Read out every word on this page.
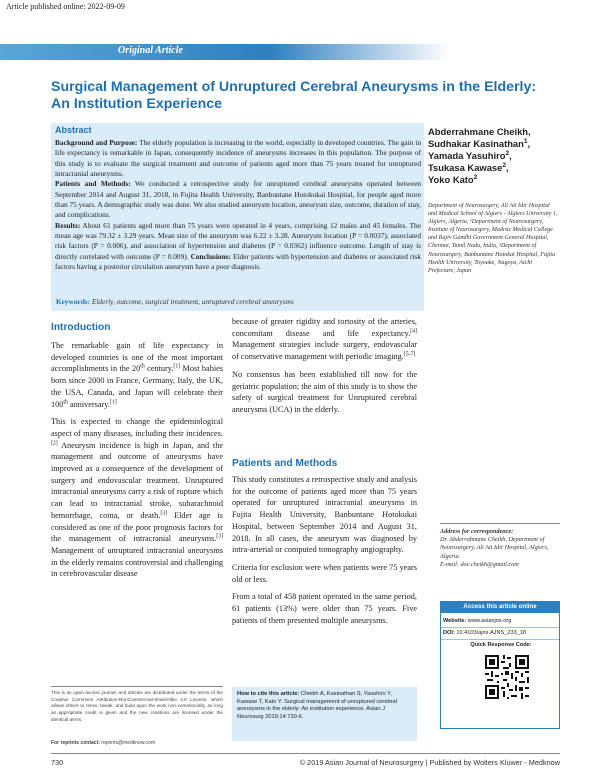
Article published online: 2022-09-09
Original Article
Surgical Management of Unruptured Cerebral Aneurysms in the Elderly: An Institution Experience
Abstract
Background and Purpose: The elderly population is increasing in the world, especially in developed countries. The gain in life expectancy is remarkable in Japan, consequently incidence of aneurysms increases in this population. The purpose of this study is to evaluate the surgical treatment and outcome of patients aged more than 75 years treated for unruptured intracranial aneurysms.
Patients and Methods: We conducted a retrospective study for unruptured cerebral aneurysms operated between September 2014 and August 31, 2018, in Fujita Health University, Banbuntane Hotokukai Hospital, for people aged more than 75 years. A demographic study was done. We also studied aneurysm location, aneurysm size, outcome, duration of stay, and complications.
Results: About 61 patients aged more than 75 years were operated in 4 years, comprising 12 males and 45 females. The mean age was 79.32 ± 3.29 years. Mean size of the aneurysm was 6.22 ± 3.28. Aneurysm location (P = 0.0037), associated risk factors (P = 0.006), and association of hypertension and diabetes (P = 0.0362) influence outcome. Length of stay is directly correlated with outcome (P = 0.009). Conclusions: Elder patients with hypertension and diabetes or associated risk factors having a posterior circulation aneurysm have a poor diagnosis.
Keywords: Elderly, outcome, surgical treatment, unruptured cerebral aneurysms
Abderrahmane Cheikh,
Sudhakar Kasinathan$^1$,
Yamada Yasuhiro$^2$,
Tsukasa Kawase$^2$,
Yoko Kato$^2$
Department of Neurosurgery, Ali Ait Idir Hospital and Medical School of Algiers - Algiers University 1, Algiers, Algeria, ¹Department of Neurosurgery, Institute of Neurosurgery, Madras Medical College and Rajiv Gandhi Government General Hospital, Chennai, Tamil Nadu, India, ²Department of Neurosurgery, Banbuntane Hotokai Hospital, Fujita Health University, Toyoake, Nagoya, Aichi Prefecture, Japan
Introduction

The remarkable gain of life expectancy in developed countries is one of the most important accomplishments in the 20th century.[1] Most babies born since 2000 in France, Germany, Italy, the UK, the USA, Canada, and Japan will celebrate their 100th anniversary.[1]

This is expected to change the epidemiological aspect of many diseases, including their incidences.[2] Aneurysm incidence is high in Japan, and the management and outcome of aneurysms have improved as a consequence of the development of surgery and endovascular treatment. Unruptured intracranial aneurysms carry a risk of rupture which can lead to intracranial stroke, subarachnoid hemorrhage, coma, or death.[3] Elder age is considered as one of the poor prognosis factors for the management of intracranial aneurysms.[3] Management of unruptured intracranial aneurysms in the elderly remains controversial and challenging in cerebrovascular disease

because of greater rigidity and tortosity of the arteries, concomitant disease and life expectancy.[4] Management strategies include surgery, endovascular of conservative management with periodic imaging.[5-7]

No consensus has been established till now for the geriatric population; the aim of this study is to show the safety of surgical treatment for Unruptured cerebral aneurysms (UCA) in the elderly.

Patients and Methods

This study constitutes a retrospective study and analysis for the outcome of patients aged more than 75 years operated for unruptured intracranial aneurysms in Fujita Health University, Banbuntane Hotokukai Hospital, between September 2014 and August 31, 2018. In all cases, the aneurysm was diagnosed by intra-arterial or computed tomography angiography.

Criteria for exclusion were when patients were 75 years old or less.

From a total of 458 patient operated in the same period, 61 patients (13%) were older than 75 years. Five patients of them presented multiple aneurysms.

This is an open access journal, and articles are distributed under the terms of the Creative Commons Attribution-NonCommercial-ShareAlike 4.0 License, which allows others to remix, tweak, and build upon the work non-commercially, as long as appropriate credit is given and the new creations are licensed under the identical terms.
For reprints contact: reprints@medknow.com
Address for correspondence:
Dr. Abderrahmane Cheikh, Department of Neurosurgery, Ali Ait Idir Hospital, Algiers, Algeria.
E-mail: doc.cheikh@gmail.com
Access this article online
Website: www.asianjns.org
DOI: 10.4103/ajns.AJNS_233_18
Quick Response Code:
How to cite this article: Cheikh A, Kasinathan S, Yasuhiro Y, Kawase T, Kato Y. Surgical management of unruptured cerebral aneurysms in the elderly: An institution experience. Asian J Neurosurg 2019;14:730-6.
730	© 2019 Asian Journal of Neurosurgery | Published by Wolters Kluwer - Medknow
